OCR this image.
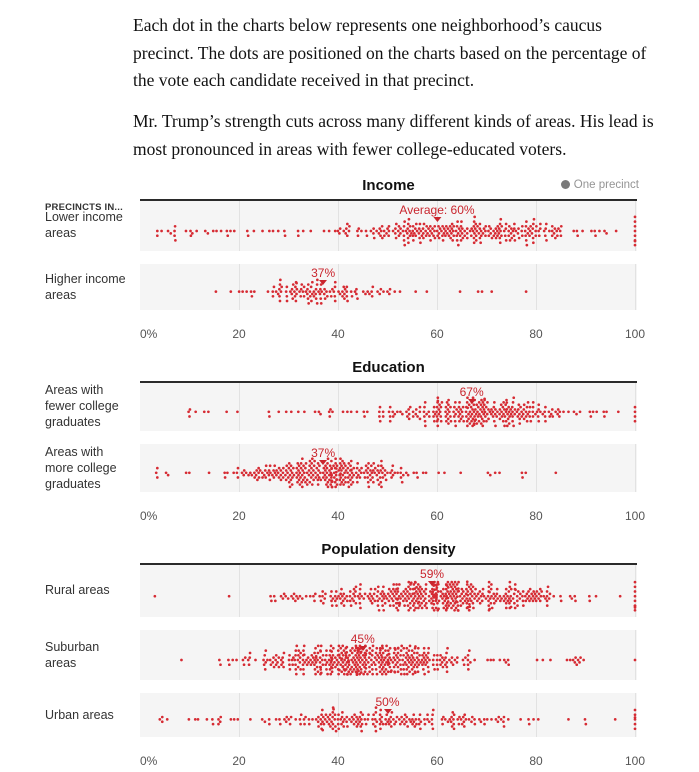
Each dot in the charts below represents one neighborhood’s caucus precinct. The dots are positioned on the charts based on the percentage of the vote each candidate received in that precinct.

Mr. Trump’s strength cuts across many different kinds of areas. His lead is most pronounced in areas with fewer college-educated voters.

Income	One precinct
PRECINCTS IN...
Lower income areas
Average: 60%
Higher income areas
37%
0%	20	40	60	80	100
Education
Areas with fewer college graduates
67%
Areas with more college graduates
37%
0%	20	40	60	80	100
Population density
Rural areas
59%
Suburban areas
45%
Urban areas
50%
0%	20	40	60	80	100
